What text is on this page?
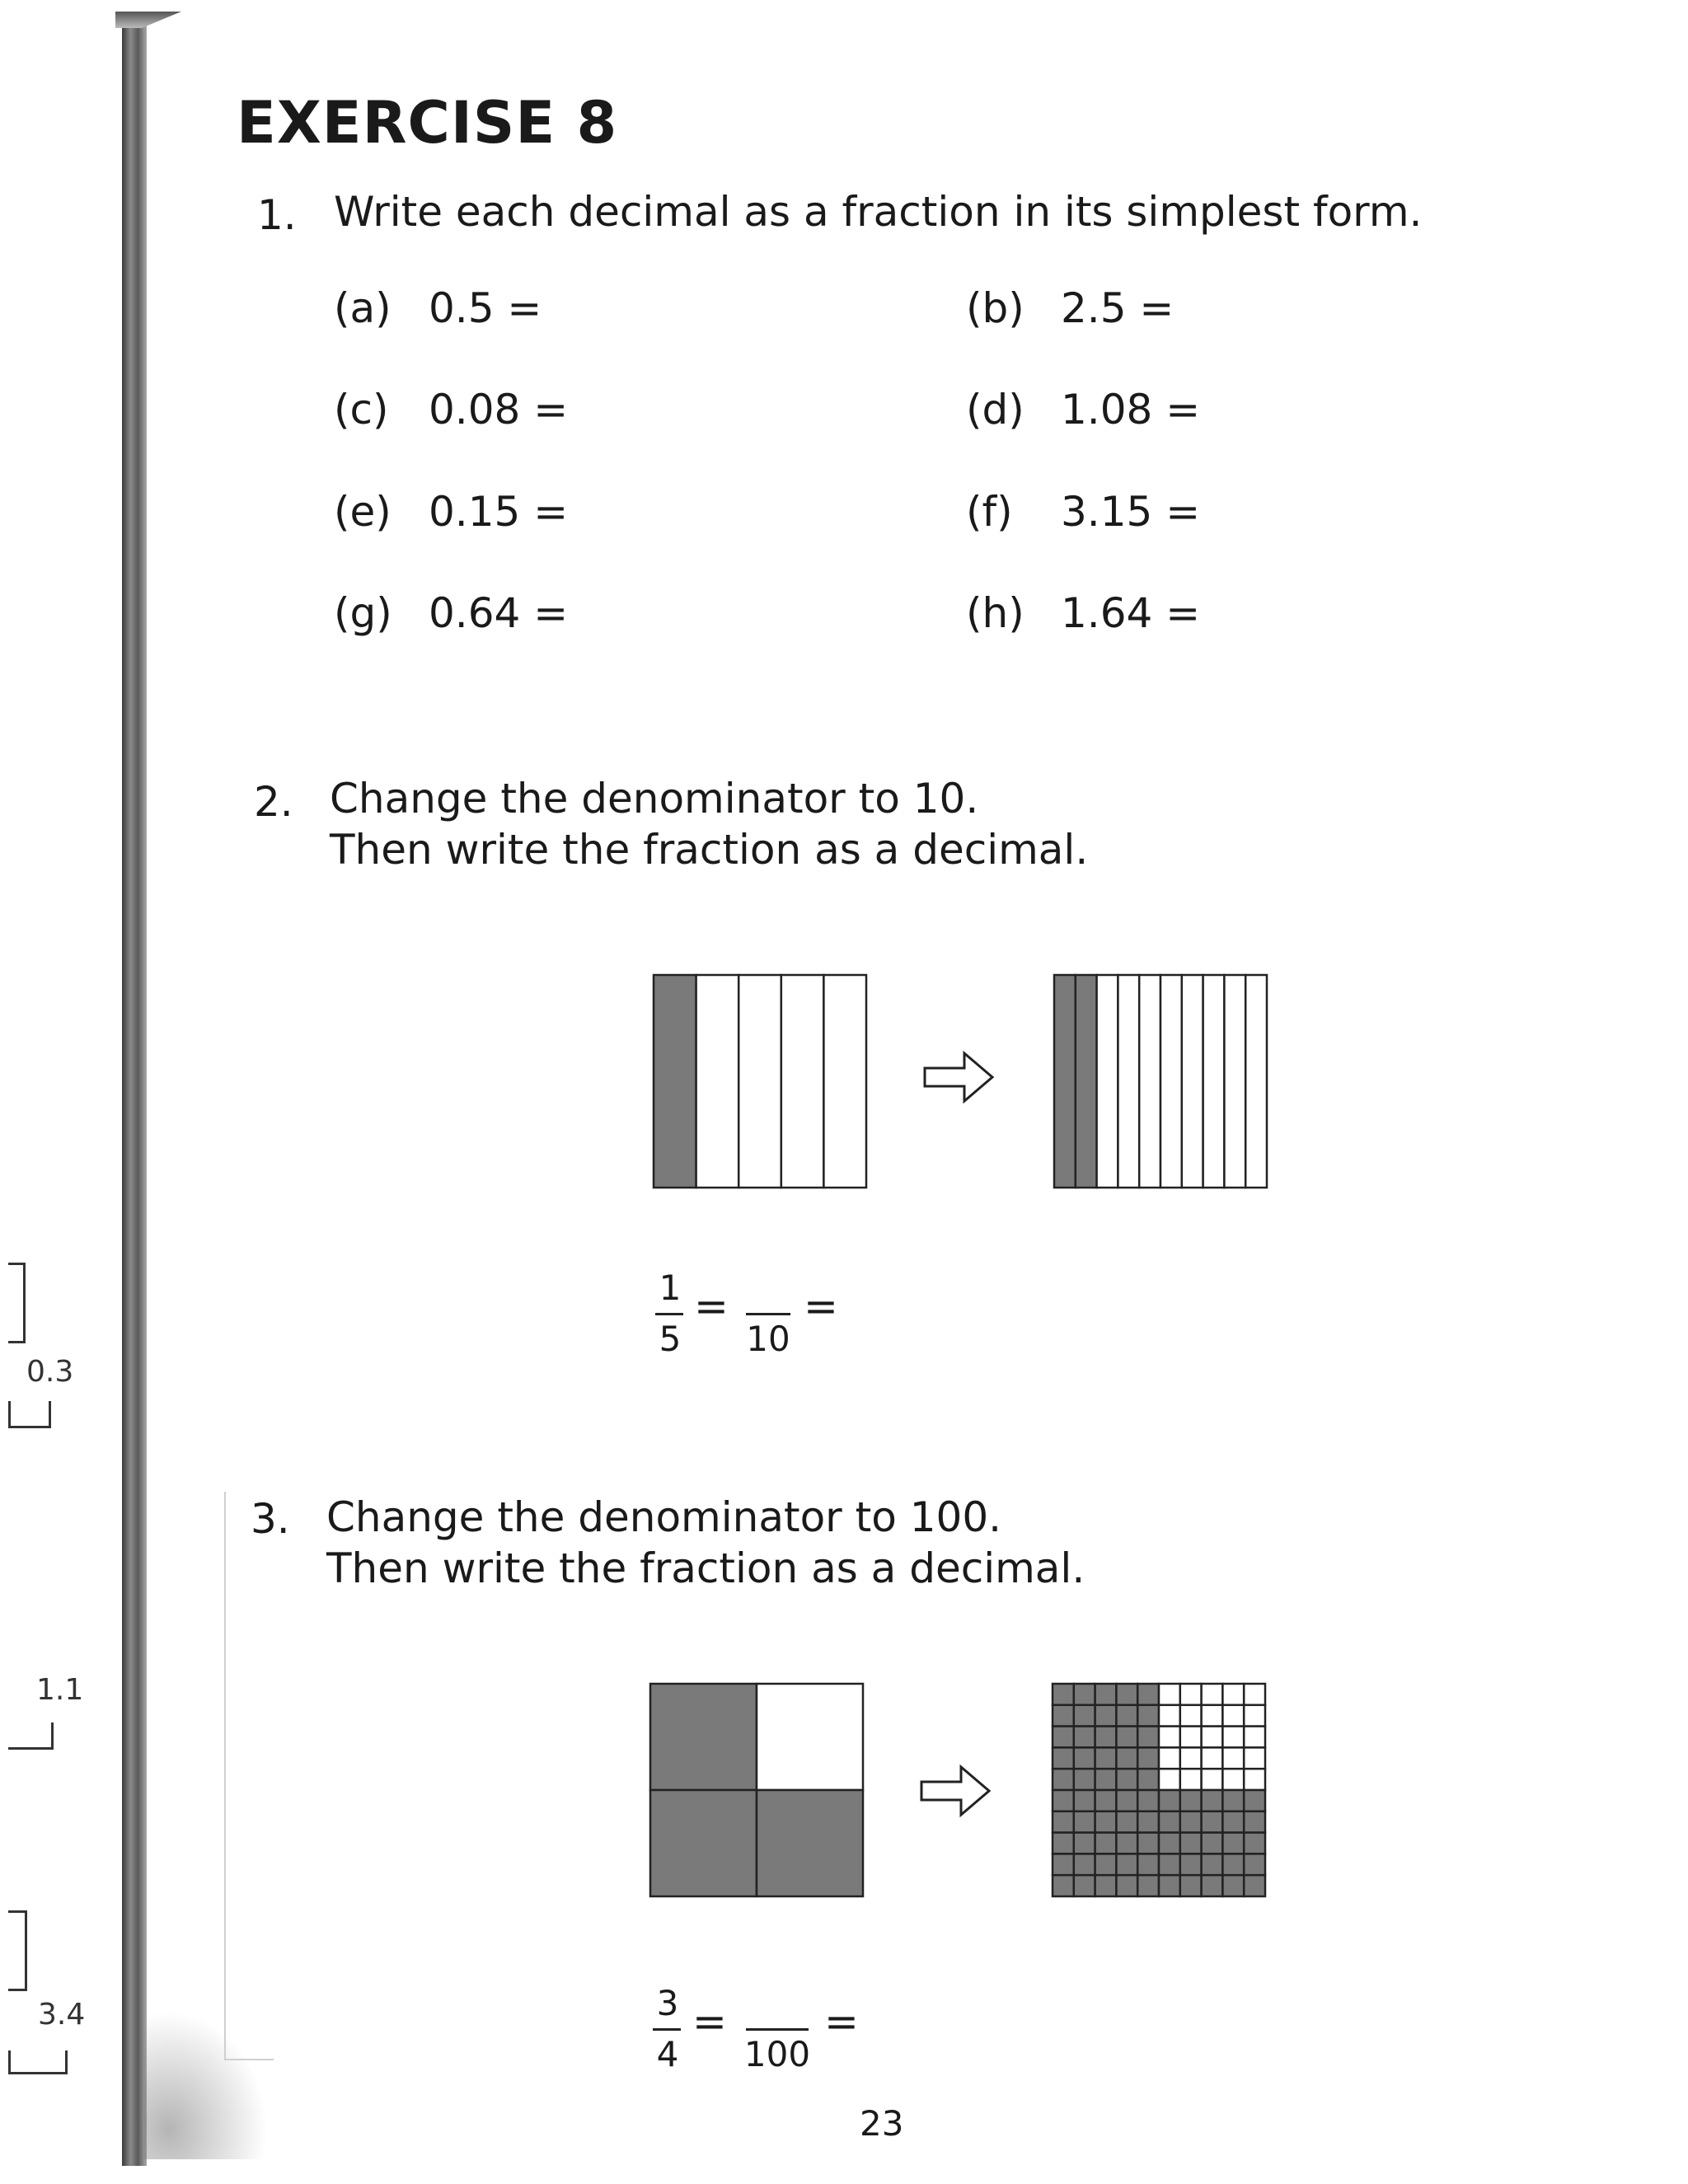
0.3
1.1
3.4
EXERCISE 8
1. Write each decimal as a fraction in its simplest form.
(a) 0.5 =	(b) 2.5 =
(c) 0.08 =	(d) 1.08 =
(e) 0.15 =	(f) 3.15 =
(g) 0.64 =	(h) 1.64 =
2. Change the denominator to 10.
Then write the fraction as a decimal.
1
5
=
10
=
3. Change the denominator to 100.
Then write the fraction as a decimal.
3
4
=
100
=
23
